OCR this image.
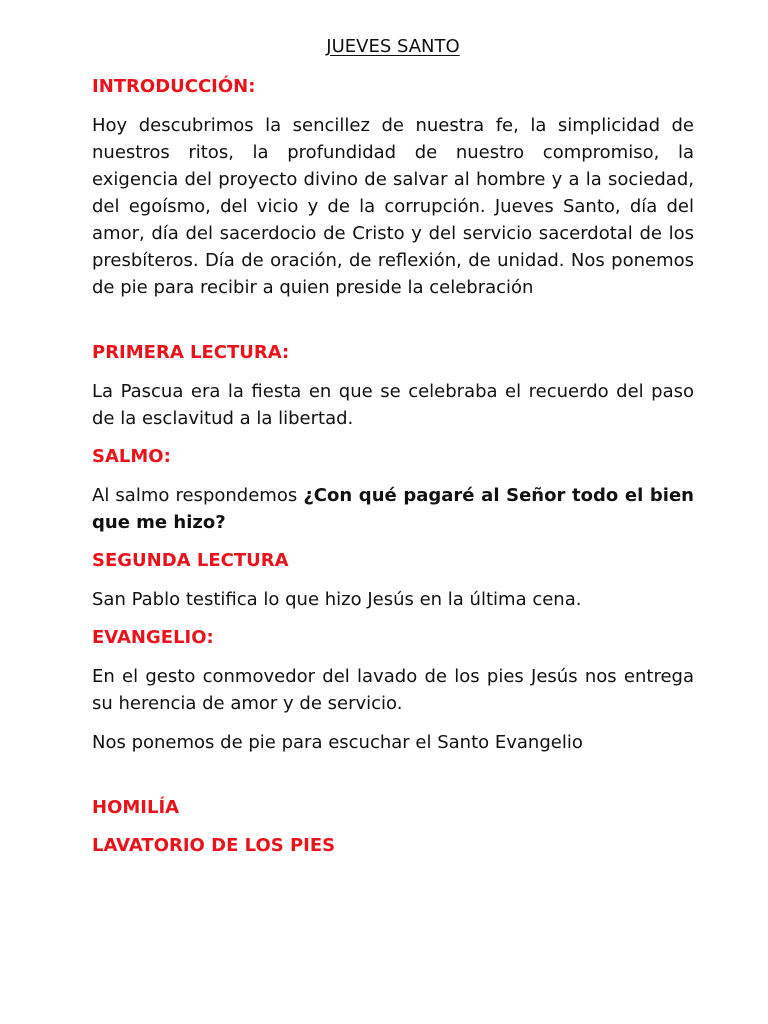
JUEVES SANTO
INTRODUCCIÓN:
Hoy descubrimos la sencillez de nuestra fe, la simplicidad de nuestros ritos, la profundidad de nuestro compromiso, la exigencia del proyecto divino de salvar al hombre y a la sociedad, del egoísmo, del vicio y de la corrupción. Jueves Santo, día del amor, día del sacerdocio de Cristo y del servicio sacerdotal de los presbíteros. Día de oración, de reflexión, de unidad. Nos ponemos de pie para recibir a quien preside la celebración
PRIMERA LECTURA:
La Pascua era la fiesta en que se celebraba el recuerdo del paso de la esclavitud a la libertad.
SALMO:
Al salmo respondemos ¿Con qué pagaré al Señor todo el bien que me hizo?
SEGUNDA LECTURA
San Pablo testifica lo que hizo Jesús en la última cena.
EVANGELIO:
En el gesto conmovedor del lavado de los pies Jesús nos entrega su herencia de amor y de servicio.
Nos ponemos de pie para escuchar el Santo Evangelio
HOMILÍA
LAVATORIO DE LOS PIES
